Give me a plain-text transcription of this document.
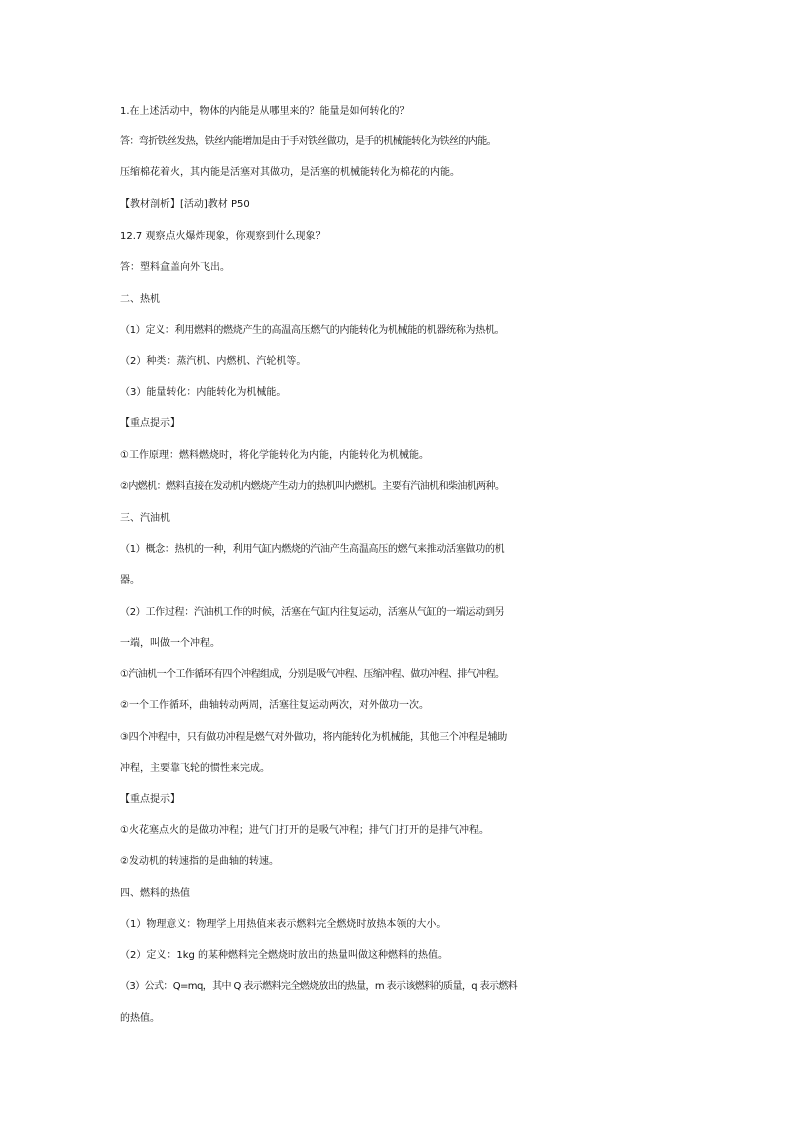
1.在上述活动中，物体的内能是从哪里来的？能量是如何转化的？
答：弯折铁丝发热，铁丝内能增加是由于手对铁丝做功，是手的机械能转化为铁丝的内能。
压缩棉花着火，其内能是活塞对其做功，是活塞的机械能转化为棉花的内能。
【教材剖析】[活动]教材 P50
12.7 观察点火爆炸现象，你观察到什么现象？
答：塑料盒盖向外飞出。
二、热机
（1）定义：利用燃料的燃烧产生的高温高压燃气的内能转化为机械能的机器统称为热机。
（2）种类：蒸汽机、内燃机、汽轮机等。
（3）能量转化：内能转化为机械能。
【重点提示】
①工作原理：燃料燃烧时，将化学能转化为内能，内能转化为机械能。
②内燃机：燃料直接在发动机内燃烧产生动力的热机叫内燃机。主要有汽油机和柴油机两种。
三、汽油机
（1）概念：热机的一种，利用气缸内燃烧的汽油产生高温高压的燃气来推动活塞做功的机
器。
（2）工作过程：汽油机工作的时候，活塞在气缸内往复运动，活塞从气缸的一端运动到另
一端，叫做一个冲程。
①汽油机一个工作循环有四个冲程组成，分别是吸气冲程、压缩冲程、做功冲程、排气冲程。
②一个工作循环，曲轴转动两周，活塞往复运动两次，对外做功一次。
③四个冲程中，只有做功冲程是燃气对外做功，将内能转化为机械能，其他三个冲程是辅助
冲程，主要靠飞轮的惯性来完成。
【重点提示】
①火花塞点火的是做功冲程；进气门打开的是吸气冲程；排气门打开的是排气冲程。
②发动机的转速指的是曲轴的转速。
四、燃料的热值
（1）物理意义：物理学上用热值来表示燃料完全燃烧时放热本领的大小。
（2）定义：1kg 的某种燃料完全燃烧时放出的热量叫做这种燃料的热值。
（3）公式：Q=mq，其中 Q 表示燃料完全燃烧放出的热量，m 表示该燃料的质量，q 表示燃料
的热值。
